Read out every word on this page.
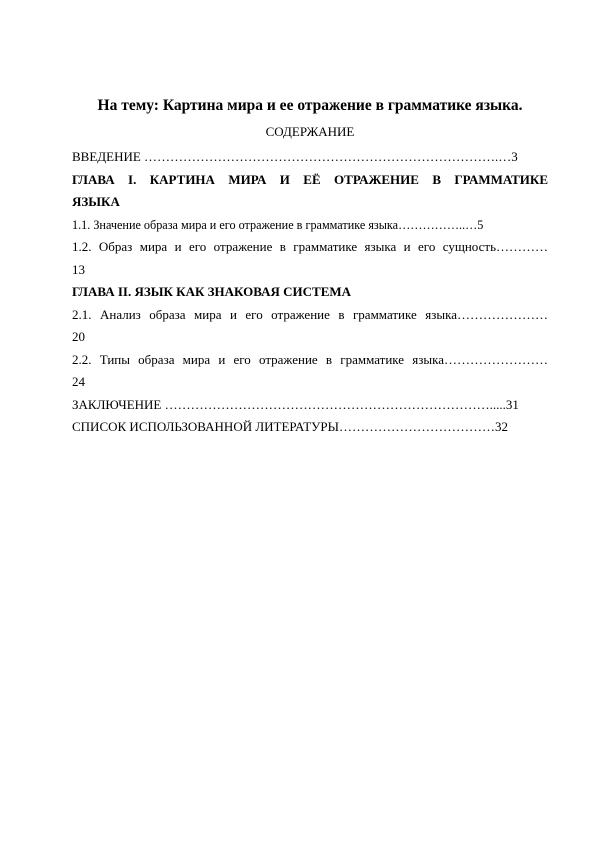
На тему: Картина мира и ее отражение в грамматике языка.
СОДЕРЖАНИЕ
ВВЕДЕНИЕ ……………………………………………………………………….…3
ГЛАВА I. КАРТИНА МИРА И ЕЁ ОТРАЖЕНИЕ В ГРАММАТИКЕ
ЯЗЫКА
1.1. Значение образа мира и его отражение в грамматике языка……………..…5
1.2. Образ мира и его отражение в грамматике языка и его сущность…………
13
ГЛАВА II. ЯЗЫК КАК ЗНАКОВАЯ СИСТЕМА
2.1. Анализ образа мира и его отражение в грамматике языка…………………
20
2.2. Типы образа мира и его отражение в грамматике языка……………………
24
ЗАКЛЮЧЕНИЕ ………………………………………………………………….....31
СПИСОК ИСПОЛЬЗОВАННОЙ ЛИТЕРАТУРЫ………………………………32
